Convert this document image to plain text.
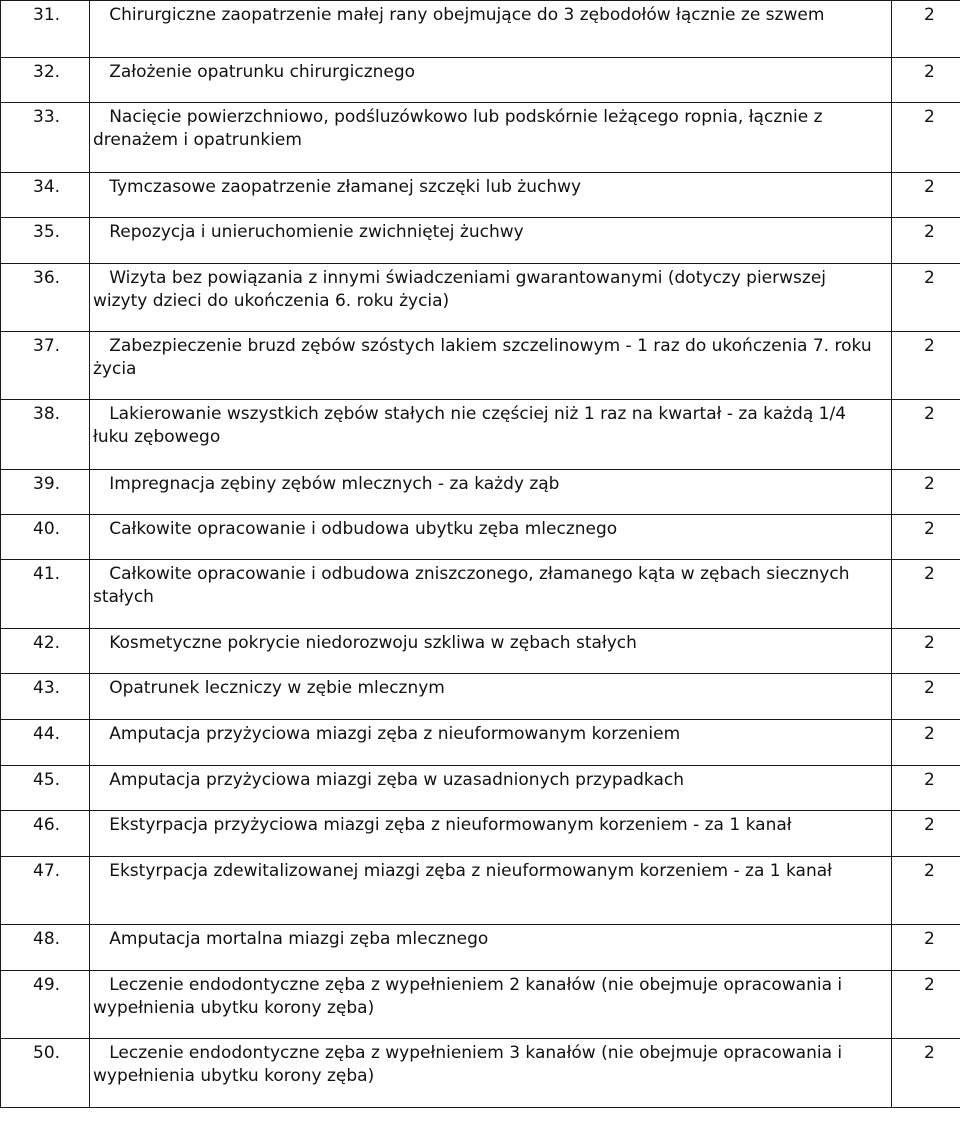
31.	Chirurgiczne zaopatrzenie małej rany obejmujące do 3 zębodołów łącznie ze szwem	2
32.	Założenie opatrunku chirurgicznego	2
33.	Nacięcie powierzchniowo, podśluzówkowo lub podskórnie leżącego ropnia, łącznie z drenażem i opatrunkiem	2
34.	Tymczasowe zaopatrzenie złamanej szczęki lub żuchwy	2
35.	Repozycja i unieruchomienie zwichniętej żuchwy	2
36.	Wizyta bez powiązania z innymi świadczeniami gwarantowanymi (dotyczy pierwszej wizyty dzieci do ukończenia 6. roku życia)	2
37.	Zabezpieczenie bruzd zębów szóstych lakiem szczelinowym - 1 raz do ukończenia 7. roku życia	2
38.	Lakierowanie wszystkich zębów stałych nie częściej niż 1 raz na kwartał - za każdą 1/4 łuku zębowego	2
39.	Impregnacja zębiny zębów mlecznych - za każdy ząb	2
40.	Całkowite opracowanie i odbudowa ubytku zęba mlecznego	2
41.	Całkowite opracowanie i odbudowa zniszczonego, złamanego kąta w zębach siecznych stałych	2
42.	Kosmetyczne pokrycie niedorozwoju szkliwa w zębach stałych	2
43.	Opatrunek leczniczy w zębie mlecznym	2
44.	Amputacja przyżyciowa miazgi zęba z nieuformowanym korzeniem	2
45.	Amputacja przyżyciowa miazgi zęba w uzasadnionych przypadkach	2
46.	Ekstyrpacja przyżyciowa miazgi zęba z nieuformowanym korzeniem - za 1 kanał	2
47.	Ekstyrpacja zdewitalizowanej miazgi zęba z nieuformowanym korzeniem - za 1 kanał	2
48.	Amputacja mortalna miazgi zęba mlecznego	2
49.	Leczenie endodontyczne zęba z wypełnieniem 2 kanałów (nie obejmuje opracowania i wypełnienia ubytku korony zęba)	2
50.	Leczenie endodontyczne zęba z wypełnieniem 3 kanałów (nie obejmuje opracowania i wypełnienia ubytku korony zęba)	2
